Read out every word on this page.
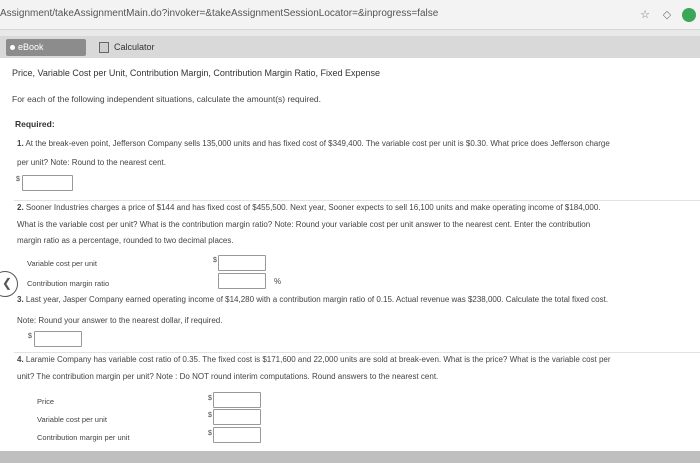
Assignment/takeAssignmentMain.do?invoker=&takeAssignmentSessionLocator=&inprogress=false	☆ ◇
eBook	Calculator
Price, Variable Cost per Unit, Contribution Margin, Contribution Margin Ratio, Fixed Expense
For each of the following independent situations, calculate the amount(s) required.
Required:
1. At the break-even point, Jefferson Company sells 135,000 units and has fixed cost of $349,400. The variable cost per unit is $0.30. What price does Jefferson charge
per unit? Note: Round to the nearest cent.
$
2. Sooner Industries charges a price of $144 and has fixed cost of $455,500. Next year, Sooner expects to sell 16,100 units and make operating income of $184,000.
What is the variable cost per unit? What is the contribution margin ratio? Note: Round your variable cost per unit answer to the nearest cent. Enter the contribution
margin ratio as a percentage, rounded to two decimal places.
Variable cost per unit	$
Contribution margin ratio	%
3. Last year, Jasper Company earned operating income of $14,280 with a contribution margin ratio of 0.15. Actual revenue was $238,000. Calculate the total fixed cost.
Note: Round your answer to the nearest dollar, if required.
$
4. Laramie Company has variable cost ratio of 0.35. The fixed cost is $171,600 and 22,000 units are sold at break-even. What is the price? What is the variable cost per
unit? The contribution margin per unit? Note : Do NOT round interim computations. Round answers to the nearest cent.
Price	$
Variable cost per unit	$
Contribution margin per unit	$
❮
